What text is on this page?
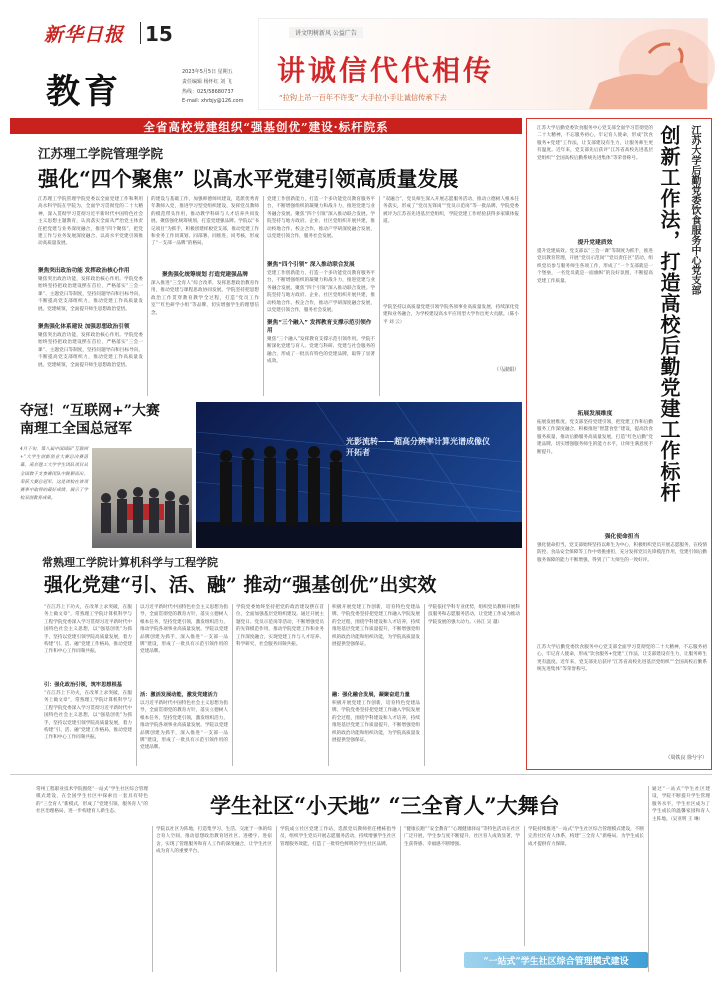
新华日报 15
教育	2023年5月5日 星期五
责任编辑 杨怀红 刘 飞
热线：025/58680737
E-mail: xhrbjy@126.com
讲文明树新风 公益广告
讲诚信代代相传
“拉钩上吊一百年不许变” 大手拉小手让诚信传承下去
全省高校党建组织“强基创优”建设·标杆院系
江苏理工学院管理学院
强化“四个聚焦” 以高水平党建引领高质量发展
江苏理工学院管理学院党委以全面党建工作和利用高水科学院在学院为，全面学习贯彻党的二十大精神，深入贯彻学习贯彻习近平新时代中国特色社会主义思想主题教育，认真落实全面从严治党主体责任把党建与业务深度融合，推进“四个聚焦”，把党建工作与业务发展深度融合，以高水平党建引领推动高质量发展。
聚焦突出政治功能 发挥政治核心作用
聚焦突出政治功能，发挥政治核心作用。学院党委始终坚持把政治建设摆在首位，严格落实“三会一课”、主题党日等制度，坚持问题导向和目标导向，不断提高党支部组织力，推动党建工作高质量发展。党建统领，全面提升师生思想政治觉悟。
聚焦强化体系建设 加强思想政治引领
聚焦突出政治功能，发挥政治核心作用。学院党委始终坚持把政治建设摆在首位，严格落实“三会一课”、主题党日等制度，坚持问题导向和目标导向，不断提高党支部组织力，推动党建工作高质量发展。党建统领，全面提升师生思想政治觉悟。
的建设与基础工作，加强师德师风建设，选派优秀青年教师入党，推进学习型党组织建设，发挥党员教师的模范带头作用，推动教学科研与人才培养共同发展。聚焦强化统筹规划，打造党建强品牌。学院以“书记项目”为抓手，积极创建样板党支部，推动党建工作和业务工作同谋划、同部署、同推进、同考核，形成了“一支部一品牌”的格局。
聚焦强化统筹规划 打造党建强品牌
深入推进“三全育人”综合改革，发挥思想政治教育作用，推动党建与课程思政协同发展。学院坚持把思想政治工作贯穿教育教学全过程，打造“党员工作室”“红色研学小组”等品牌，切实增强学生的理想信念。
党建工作创新能力，打造一个多功能党员教育服务平台，不断增强组织的凝聚力和战斗力，推进党建与业务融合发展。聚焦“四个引领”深入推动联合发展。学院坚持与地方政府、企业、社区党组织开展共建，推动校地合作、校企合作，推动产学研深度融合发展，以党建引领合作，服务社会发展。
聚焦“四个引领” 深入推动联合发展
党建工作创新能力，打造一个多功能党员教育服务平台，不断增强组织的凝聚力和战斗力，推进党建与业务融合发展。聚焦“四个引领”深入推动联合发展。学院坚持与地方政府、企业、社区党组织开展共建，推动校地合作、校企合作，推动产学研深度融合发展，以党建引领合作，服务社会发展。
聚焦“三个融入” 发挥教育支撑示范引领作用
聚焦“三个融入”发挥教育支撑示范引领作用。学院不断深化党建与育人、党建与科研、党建与社会服务的融合，形成了一批具有特色的党建品牌，取得了显著成效。
“双融合”，党员师生深入开展志愿服务活动，推动立德树人根本任务落实，形成了“党员先锋岗”“党员示范岗”等一批品牌，学院党委被评为江苏省先进基层党组织，学院党建工作经验获得多家媒体报道。
学院坚持以高质量党建引领学院各项事业高质量发展，持续深化党建和业务融合，为学校建设高水平应用型大学作出更大贡献。（陈小平 刘 云）
（马淑娟）
夺冠！“互联网+”大赛
南理工全国总冠军
4月下旬，第八届中国国际“互联网+”大学生创新创业大赛总决赛落幕，南京理工大学学生团队项目从全国数千支参赛团队中脱颖而出，荣获大赛总冠军，这是该校在该项赛事中取得的最好成绩，展示了学校双创教育成果。
光影流转——超高分辨率计算光谱成像仪开拓者
常熟理工学院计算机科学与工程学院
强化党建“引、活、融” 推动“强基创优”出实效
“在江苏上下功夫，在改革上求突破，在服务上做文章”，常熟理工学院计算机科学与工程学院党委深入学习贯彻习近平新时代中国特色社会主义思想，以“强基创优”为抓手，坚持以党建引领学院高质量发展，着力构建“引、活、融”党建工作格局，推动党建工作和中心工作同频共振。
引：强化政治引领，筑牢思想根基
“在江苏上下功夫，在改革上求突破，在服务上做文章”，常熟理工学院计算机科学与工程学院党委深入学习贯彻习近平新时代中国特色社会主义思想，以“强基创优”为抓手，坚持以党建引领学院高质量发展，着力构建“引、活、融”党建工作格局，推动党建工作和中心工作同频共振。
以习近平新时代中国特色社会主义思想为指导，全面贯彻党的教育方针，落实立德树人根本任务，坚持党建引领，激发组织活力，推动学院各项事业高质量发展。学院以党建品牌创建为抓手，深入推进“一支部一品牌”建设，形成了一批具有示范引领作用的党建品牌。
活：激活发展动能，激发党建活力
以习近平新时代中国特色社会主义思想为指导，全面贯彻党的教育方针，落实立德树人根本任务，坚持党建引领，激发组织活力，推动学院各项事业高质量发展。学院以党建品牌创建为抓手，深入推进“一支部一品牌”建设，形成了一批具有示范引领作用的党建品牌。
学院党委始终坚持把党的政治建设摆在首位，全面加强基层党组织建设。通过开展主题党日、党员示范岗等活动，不断增强党员的先锋模范作用，推动学院党建工作和业务工作深度融合，实现党建工作与人才培养、科学研究、社会服务同频共振。
积极开展党建工作创新，培育特色党建品牌。学院党委坚持把党建工作融入学院发展的全过程，围绕学科建设和人才培养，持续推进基层党建工作质量提升，不断增强党组织的政治功能和组织功能，为学院高质量发展提供坚强保证。
融：强化融合发展，凝聚奋进力量
积极开展党建工作创新，培育特色党建品牌。学院党委坚持把党建工作融入学院发展的全过程，围绕学科建设和人才培养，持续推进基层党建工作质量提升，不断增强党组织的政治功能和组织功能，为学院高质量发展提供坚强保证。
学院依托学科专业优势，组织党员教师开展科技服务和志愿服务活动，让党建工作成为推动学院发展的强大动力。（孙江 吴 越）
创新工作法，打造高校后勤党建工作标杆 江苏大学后勤党委饮食服务中心党支部
江苏大学后勤党委饮食服务中心党支部全面学习贯彻党的二十大精神，不忘服务初心，牢记育人使命，形成“饮食服务+党建”工作法，让支部建设有生力，让服务师生更有温度。近年来，党支部先后获评“江苏省高校先进基层党组织”“全国高校后勤系统先进集体”等荣誉称号。
提升党建质效
提升党建质效。党支部以“三会一课”等制度为抓手，推进党员教育管理，开展“党员示范岗”“党员责任区”活动，组织党员参与服务师生各项工作，形成了“一个支部就是一个堡垒，一名党员就是一面旗帜”的良好氛围，不断提高党建工作质量。
拓展发展维度
拓展发展维度。党支部坚持党建引领，把党建工作和后勤服务工作深度融合，积极推进“智慧食堂”建设，提高饮食服务质量，推动后勤服务高质量发展，打造“红色后勤”党建品牌，切实增强服务师生的能力水平，让师生满意度不断提升。
强化使命担当
强化使命担当。党支部始终坚持以师生为中心，积极组织党员开展志愿服务，在疫情防控、食品安全保障等工作中勇挑重担，充分发挥党员先锋模范作用，党建引领后勤服务保障的能力不断增强，得到了广大师生的一致好评。
江苏大学后勤党委饮食服务中心党支部全面学习贯彻党的二十大精神，不忘服务初心，牢记育人使命，形成“饮食服务+党建”工作法，让支部建设有生力，让服务师生更有温度。近年来，党支部先后获评“江苏省高校先进基层党组织”“全国高校后勤系统先进集体”等荣誉称号。
（周铁良 徐兮宇）
学生社区“小天地” “三全育人”大舞台
常州工程职业技术学院围绕“一站式”学生社区综合管理模式建设，在全国学生社区中探索出一套具有特色的“三全育人”新模式，形成了“党建引领、服务育人”的社区治理格局，进一步构建育人新生态。
学院以社区为阵地，打造集学习、生活、交流于一体的综合育人空间，推动思想政治教育进社区、进楼宇、进宿舍，实现了管理服务和育人工作的深度融合，让学生社区成为育人的重要平台。
学院成立社区党建工作站，选派党员教师担任楼栋指导员，组织学生党员开展志愿服务活动，持续增强学生社区管理服务效能，打造了一批特色鲜明的学生社区品牌。
“健康长跑”“安全教育”“心理健康驿站”等特色活动在社区广泛开展，学生参与度不断提升，社区育人成效显著，学生获得感、幸福感不断增强。
学院持续推进“一站式”学生社区综合管理模式建设，不断完善社区育人体系，构建“三全育人”新格局，为学生成长成才提供有力保障。
通过“一站式”学生社区建设，学院不断提升学生管理服务水平，学生社区成为了学生成长的温馨家园和育人主阵地。（吴亚明 王 琳）
“一站式”学生社区综合管理模式建设
